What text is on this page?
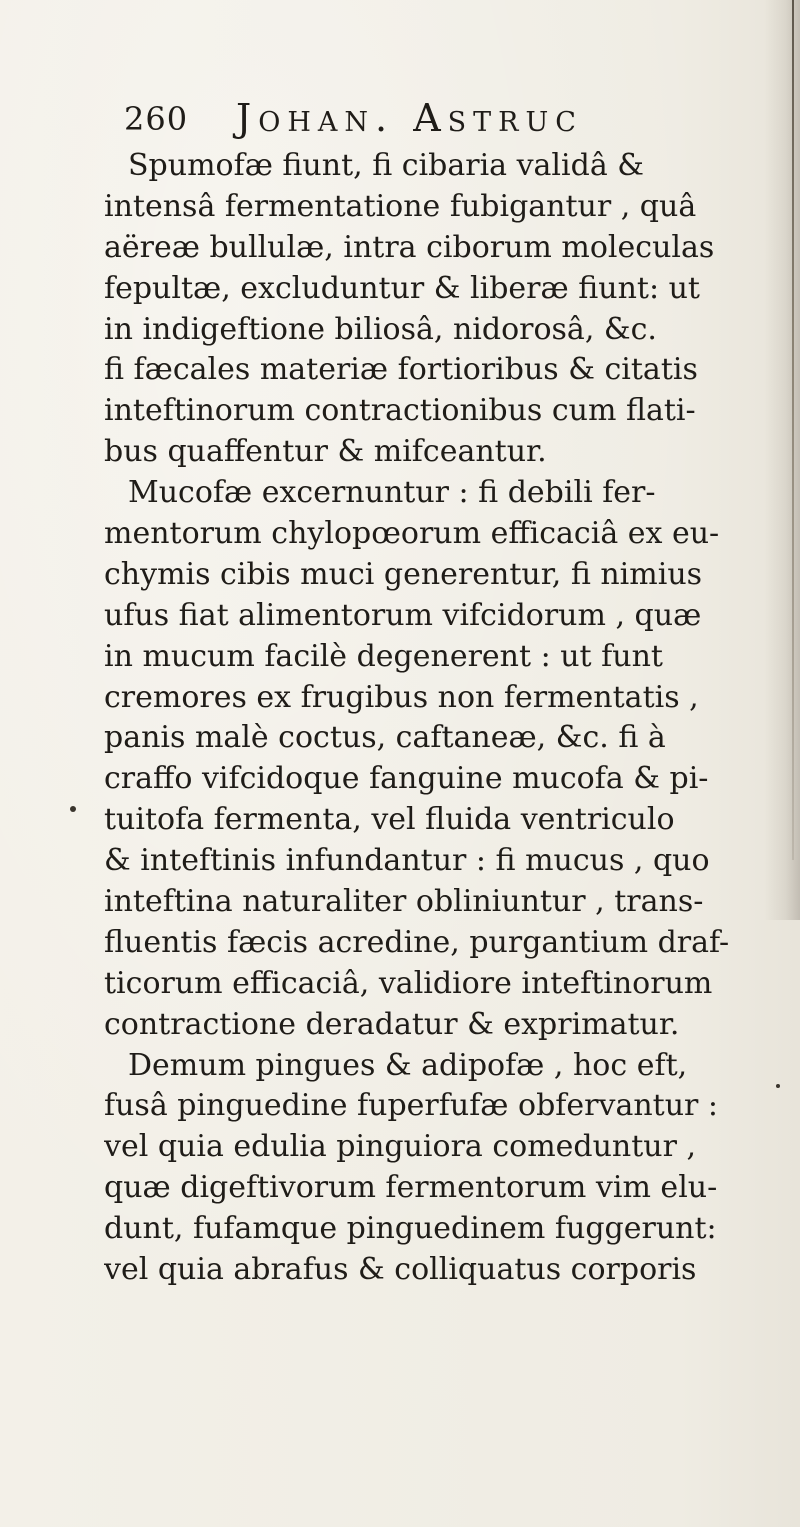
260 Johan. Astruc
Spumofæ fiunt, fi cibaria validâ &
intensâ fermentatione fubigantur , quâ
aëreæ bullulæ, intra ciborum moleculas
fepultæ, excluduntur & liberæ fiunt: ut
in indigeftione biliosâ, nidorosâ, &c.
fi fæcales materiæ fortioribus & citatis
inteftinorum contractionibus cum flati-
bus quaffentur & mifceantur.
Mucofæ excernuntur : fi debili fer-
mentorum chylopœorum efficaciâ ex eu-
chymis cibis muci generentur, fi nimius
ufus fiat alimentorum vifcidorum , quæ
in mucum facilè degenerent : ut funt
cremores ex frugibus non fermentatis ,
panis malè coctus, caftaneæ, &c. fi à
craffo vifcidoque fanguine mucofa & pi-
tuitofa fermenta, vel fluida ventriculo
& inteftinis infundantur : fi mucus , quo
inteftina naturaliter obliniuntur , trans-
fluentis fæcis acredine, purgantium draf-
ticorum efficaciâ, validiore inteftinorum
contractione deradatur & exprimatur.
Demum pingues & adipofæ , hoc eft,
fusâ pinguedine fuperfufæ obfervantur :
vel quia edulia pinguiora comeduntur ,
quæ digeftivorum fermentorum vim elu-
dunt, fufamque pinguedinem fuggerunt:
vel quia abrafus & colliquatus corporis
